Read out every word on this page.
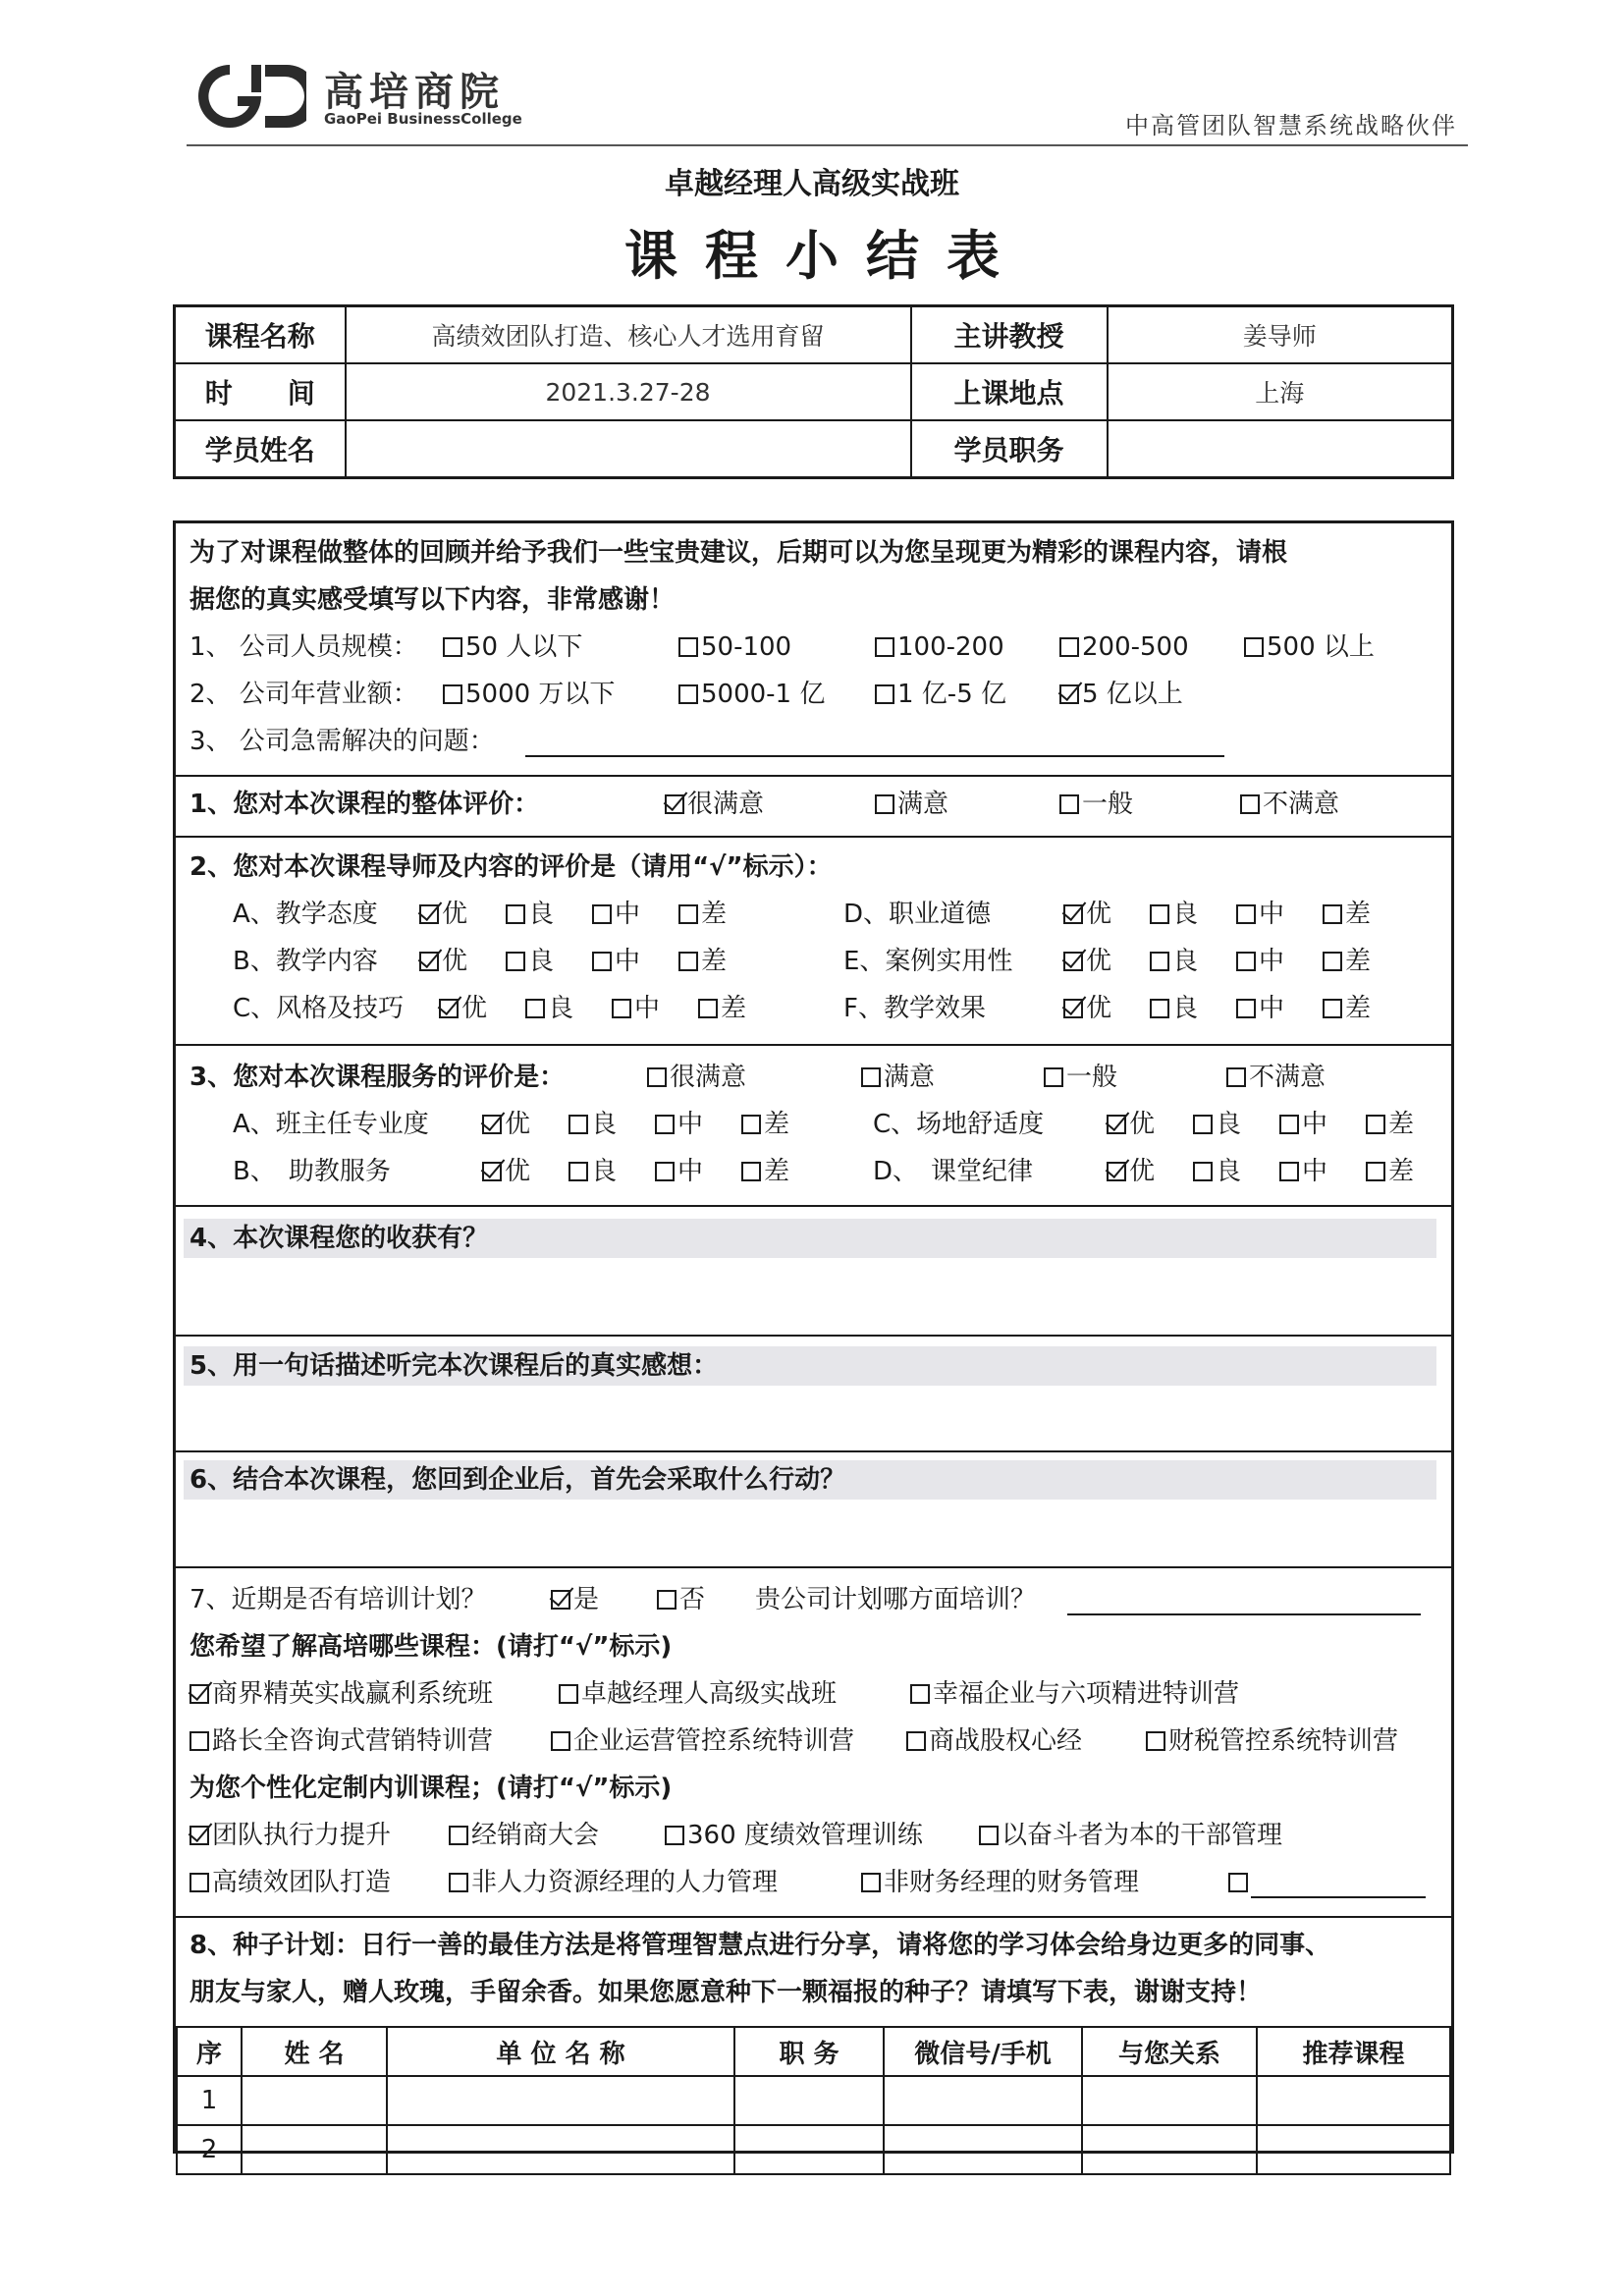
高培商院
GaoPei BusinessCollege	中高管团队智慧系统战略伙伴
卓越经理人高级实战班
课程小结表
课程名称	高绩效团队打造、核心人才选用育留	主讲教授	姜导师
时　　间	2021.3.27-28	上课地点	上海
学员姓名		学员职务	
为了对课程做整体的回顾并给予我们一些宝贵建议，后期可以为您呈现更为精彩的课程内容，请根
据您的真实感受填写以下内容，非常感谢！
1、 公司人员规模：	50 人以下	50-100	100-200	200-500	500 以上
2、 公司年营业额：	5000 万以下	5000-1 亿	1 亿-5 亿	5 亿以上
3、 公司急需解决的问题：
1、您对本次课程的整体评价：	很满意	满意	一般	不满意
2、您对本次课程导师及内容的评价是（请用“√”标示）：
A、教学态度	优	良	中	差	D、职业道德	优	良	中	差
B、教学内容	优	良	中	差	E、案例实用性	优	良	中	差
C、风格及技巧	优	良	中	差	F、教学效果	优	良	中	差
3、您对本次课程服务的评价是：	很满意	满意	一般	不满意
A、班主任专业度	优	良	中	差	C、场地舒适度	优	良	中	差
B、　助教服务	优	良	中	差	D、　课堂纪律	优	良	中	差
4、本次课程您的收获有？
5、用一句话描述听完本次课程后的真实感想：
6、结合本次课程，您回到企业后，首先会采取什么行动？
7、近期是否有培训计划？	是	否 贵公司计划哪方面培训？
您希望了解高培哪些课程：(请打“√”标示)
商界精英实战赢利系统班	卓越经理人高级实战班	幸福企业与六项精进特训营
路长全咨询式营销特训营	企业运营管控系统特训营	商战股权心经	财税管控系统特训营
为您个性化定制内训课程；(请打“√”标示)
团队执行力提升	经销商大会	360 度绩效管理训练	以奋斗者为本的干部管理
高绩效团队打造	非人力资源经理的人力管理	非财务经理的财务管理
8、种子计划：日行一善的最佳方法是将管理智慧点进行分享，请将您的学习体会给身边更多的同事、
朋友与家人，赠人玫瑰，手留余香。如果您愿意种下一颗福报的种子？请填写下表，谢谢支持！
序	姓 名	单 位 名 称	职 务	微信号/手机	与您关系	推荐课程
1						
2						
